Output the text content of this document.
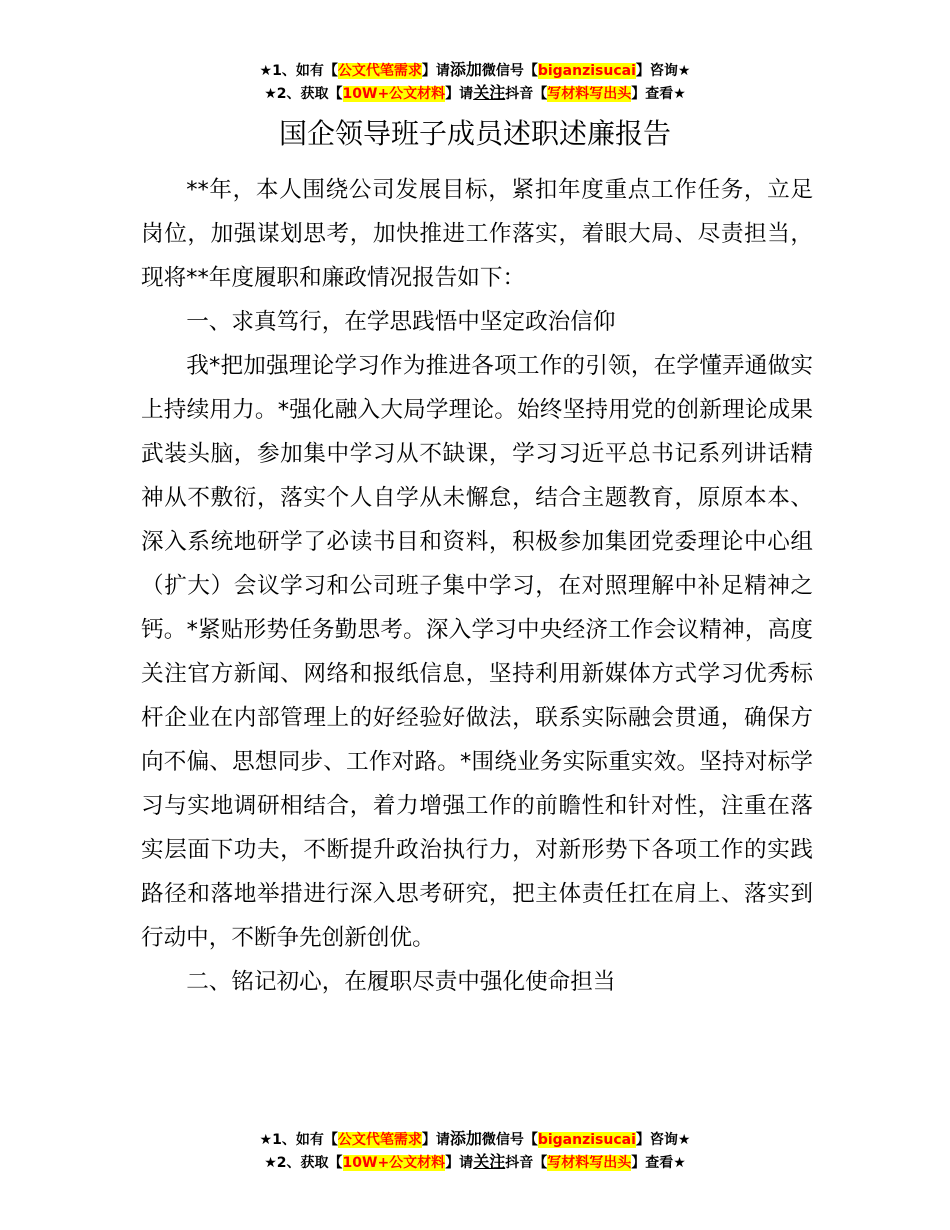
★1、如有【公文代笔需求】请添加微信号【biganzisucai】咨询★
★2、获取【10W+公文材料】请关注抖音【写材料写出头】查看★
国企领导班子成员述职述廉报告

**年，本人围绕公司发展目标，紧扣年度重点工作任务，立足岗位，加强谋划思考，加快推进工作落实，着眼大局、尽责担当，现将**年度履职和廉政情况报告如下：

一、求真笃行，在学思践悟中坚定政治信仰

我*把加强理论学习作为推进各项工作的引领，在学懂弄通做实上持续用力。*强化融入大局学理论。始终坚持用党的创新理论成果武装头脑，参加集中学习从不缺课，学习习近平总书记系列讲话精神从不敷衍，落实个人自学从未懈怠，结合主题教育，原原本本、深入系统地研学了必读书目和资料，积极参加集团党委理论中心组（扩大）会议学习和公司班子集中学习，在对照理解中补足精神之钙。*紧贴形势任务勤思考。深入学习中央经济工作会议精神，高度关注官方新闻、网络和报纸信息，坚持利用新媒体方式学习优秀标杆企业在内部管理上的好经验好做法，联系实际融会贯通，确保方向不偏、思想同步、工作对路。*围绕业务实际重实效。坚持对标学习与实地调研相结合，着力增强工作的前瞻性和针对性，注重在落实层面下功夫，不断提升政治执行力，对新形势下各项工作的实践路径和落地举措进行深入思考研究，把主体责任扛在肩上、落实到行动中，不断争先创新创优。

二、铭记初心，在履职尽责中强化使命担当

★1、如有【公文代笔需求】请添加微信号【biganzisucai】咨询★
★2、获取【10W+公文材料】请关注抖音【写材料写出头】查看★
